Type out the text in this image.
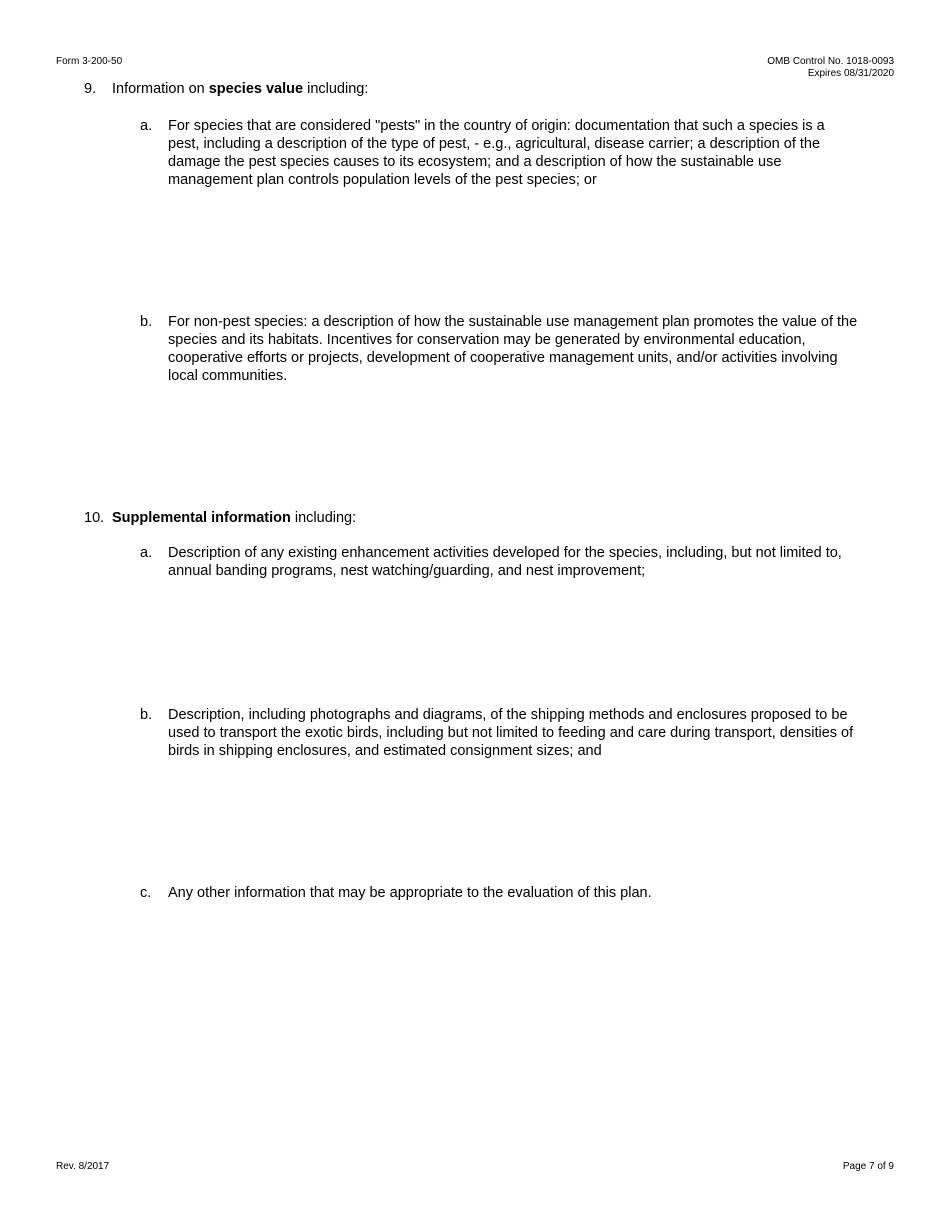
Form 3-200-50	OMB Control No. 1018-0093
Expires 08/31/2020
9. Information on species value including:
a. For species that are considered "pests" in the country of origin: documentation that such a species is a pest, including a description of the type of pest, - e.g., agricultural, disease carrier; a description of the damage the pest species causes to its ecosystem; and a description of how the sustainable use management plan controls population levels of the pest species; or
b. For non-pest species: a description of how the sustainable use management plan promotes the value of the species and its habitats. Incentives for conservation may be generated by environmental education, cooperative efforts or projects, development of cooperative management units, and/or activities involving local communities.
10. Supplemental information including:
a. Description of any existing enhancement activities developed for the species, including, but not limited to, annual banding programs, nest watching/guarding, and nest improvement;
b. Description, including photographs and diagrams, of the shipping methods and enclosures proposed to be used to transport the exotic birds, including but not limited to feeding and care during transport, densities of birds in shipping enclosures, and estimated consignment sizes; and
c. Any other information that may be appropriate to the evaluation of this plan.
Rev. 8/2017	Page 7 of 9
